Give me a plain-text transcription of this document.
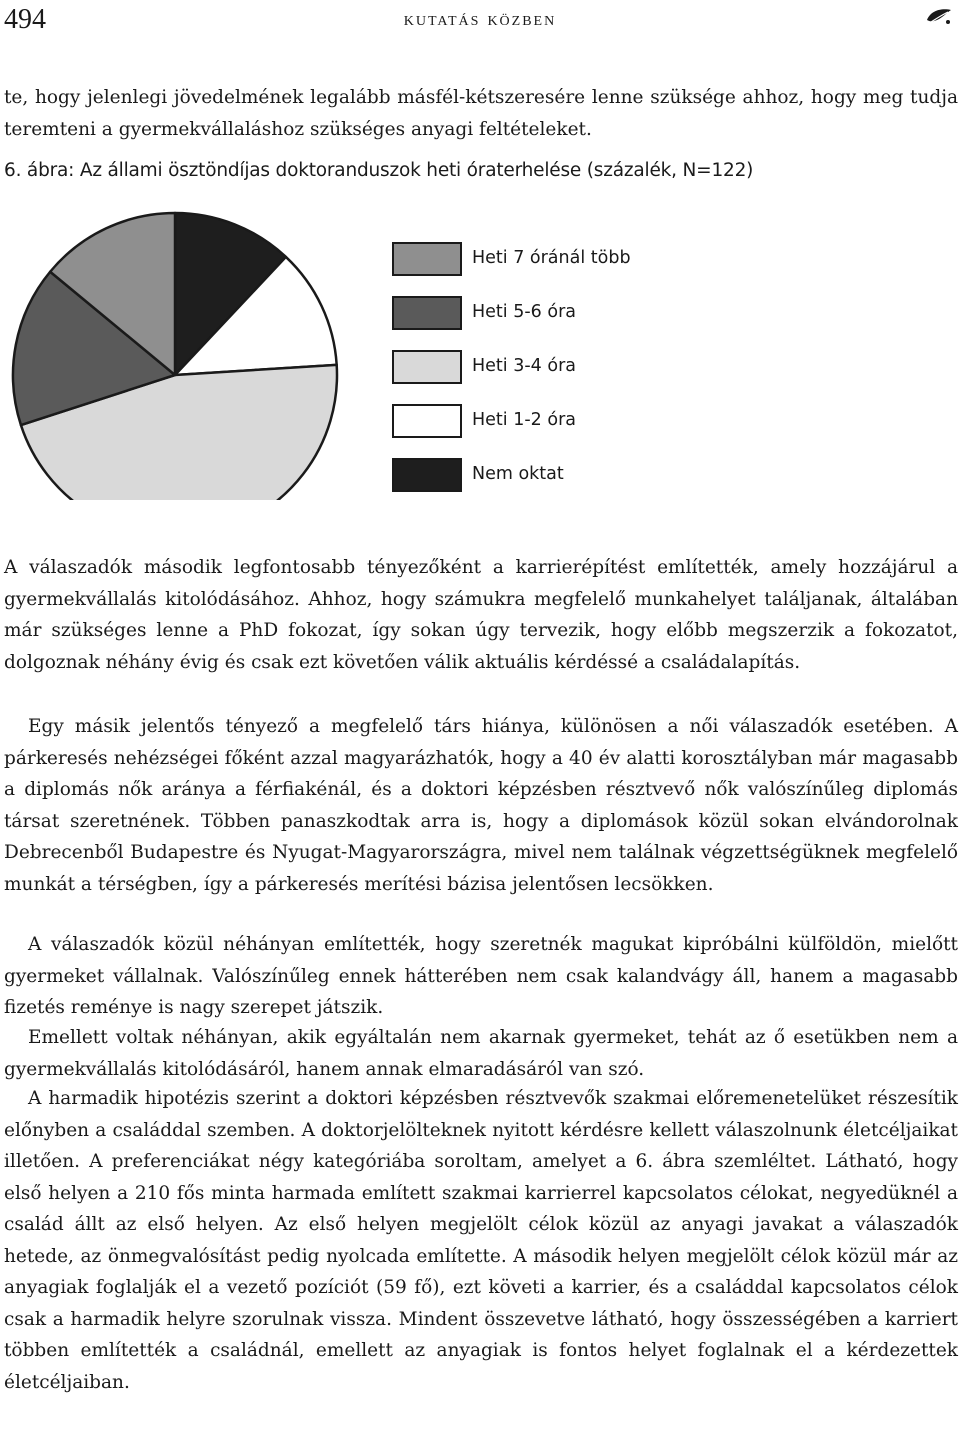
494	kutatás közben

te, hogy jelenlegi jövedelmének legalább másfél-kétszeresére lenne szüksége ahhoz, hogy meg tudja teremteni a gyermekvállaláshoz szükséges anyagi feltételeket.

6. ábra: Az állami ösztöndíjas doktoranduszok heti óraterhelése (százalék, N=122)
Heti 7 óránál több
Heti 5-6 óra
Heti 3-4 óra
Heti 1-2 óra
Nem oktat

A válaszadók második legfontosabb tényezőként a karrierépítést említették, amely hozzájárul a gyermekvállalás kitolódásához. Ahhoz, hogy számukra megfelelő munkahelyet találjanak, általában már szükséges lenne a PhD fokozat, így sokan úgy tervezik, hogy előbb megszerzik a fokozatot, dolgoznak néhány évig és csak ezt követően válik aktuális kérdéssé a családalapítás.

Egy másik jelentős tényező a megfelelő társ hiánya, különösen a női válaszadók esetében. A párkeresés nehézségei főként azzal magyarázhatók, hogy a 40 év alatti korosztályban már magasabb a diplomás nők aránya a férfiakénál, és a doktori képzésben résztvevő nők valószínűleg diplomás társat szeretnének. Többen panaszkodtak arra is, hogy a diplomások közül sokan elvándorolnak Debrecenből Budapestre és Nyugat-Magyarországra, mivel nem találnak végzettségüknek megfelelő munkát a térségben, így a párkeresés merítési bázisa jelentősen lecsökken.

A válaszadók közül néhányan említették, hogy szeretnék magukat kipróbálni külföldön, mielőtt gyermeket vállalnak. Valószínűleg ennek hátterében nem csak kalandvágy áll, hanem a magasabb fizetés reménye is nagy szerepet játszik.

Emellett voltak néhányan, akik egyáltalán nem akarnak gyermeket, tehát az ő esetükben nem a gyermekvállalás kitolódásáról, hanem annak elmaradásáról van szó.

A harmadik hipotézis szerint a doktori képzésben résztvevők szakmai előremenetelüket részesítik előnyben a családdal szemben. A doktorjelölteknek nyitott kérdésre kellett válaszolnunk életcéljaikat illetően. A preferenciákat négy kategóriába soroltam, amelyet a 6. ábra szemléltet. Látható, hogy első helyen a 210 fős minta harmada említett szakmai karrierrel kapcsolatos célokat, negyedüknél a család állt az első helyen. Az első helyen megjelölt célok közül az anyagi javakat a válaszadók hetede, az önmegvalósítást pedig nyolcada említette. A második helyen megjelölt célok közül már az anyagiak foglalják el a vezető pozíciót (59 fő), ezt követi a karrier, és a családdal kapcsolatos célok csak a harmadik helyre szorulnak vissza. Mindent összevetve látható, hogy összességében a karriert többen említették a családnál, emellett az anyagiak is fontos helyet foglalnak el a kérdezettek életcéljaiban.
